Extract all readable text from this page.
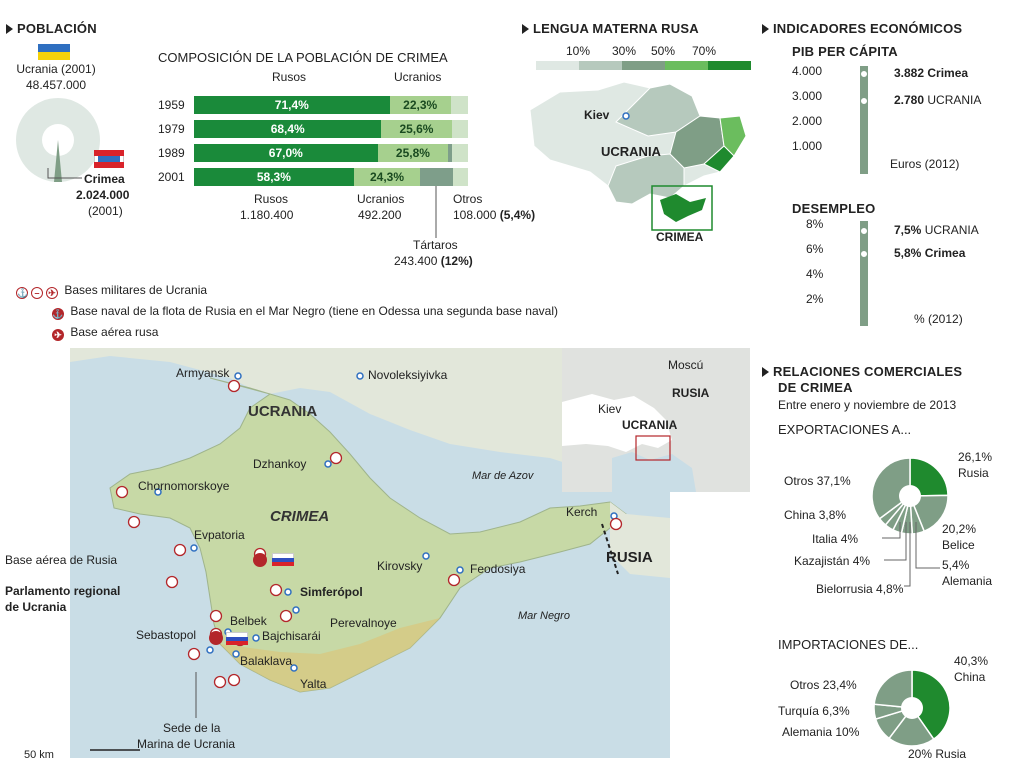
POBLACIÓN
Ucrania (2001)
48.457.000
Crimea
2.024.000
(2001)
COMPOSICIÓN DE LA POBLACIÓN DE CRIMEA
Rusos	Ucranios
1959	71,4%	22,3%
1979	68,4%	25,6%
1989	67,0%	25,8%
2001	58,3%	24,3%
Rusos
1.180.400
Ucranios
492.200
Otros
108.000 (5,4%)
Tártaros
243.400 (12%)
LENGUA MATERNA RUSA
10% 30% 50% 70%
Kiev
UCRANIA
CRIMEA
INDICADORES ECONÓMICOS
PIB PER CÁPITA
4.000
3.000
2.000
1.000
3.882 Crimea
2.780 UCRANIA
Euros (2012)
DESEMPLEO
8%
6%
4%
2%
7,5% UCRANIA
5,8% Crimea
% (2012)
⚓ – ✈ Bases militares de Ucrania
⚓ Base naval de la flota de Rusia en el Mar Negro (tiene en Odessa una segunda base naval)
✈ Base aérea rusa
Armyansk	Novoleksiyivka
UCRANIA
Dzhankoy
Mar de Azov
Chornomorskoye
CRIMEA	Kerch
Evpatoria
RUSIA
Base aérea de Rusia	Kirovsky	Feodosiya
Parlamento regional
de Ucrania
Simferópol
Belbek	Perevalnoye	Mar Negro
Sebastopol	Bajchisarái
Balaklava
Yalta
Sede de la
Marina de Ucrania
50 km
Moscú
RUSIA
Kiev
UCRANIA
RELACIONES COMERCIALES
DE CRIMEA
Entre enero y noviembre de 2013
EXPORTACIONES A...
IMPORTACIONES DE...
26,1%
Rusia
Otros 37,1%
20,2%
Belice
China 3,8%
Italia 4%
Kazajistán 4%	5,4%
Alemania
Bielorrusia 4,8%
40,3%
China
Otros 23,4%
Turquía 6,3%
Alemania 10%
20% Rusia
